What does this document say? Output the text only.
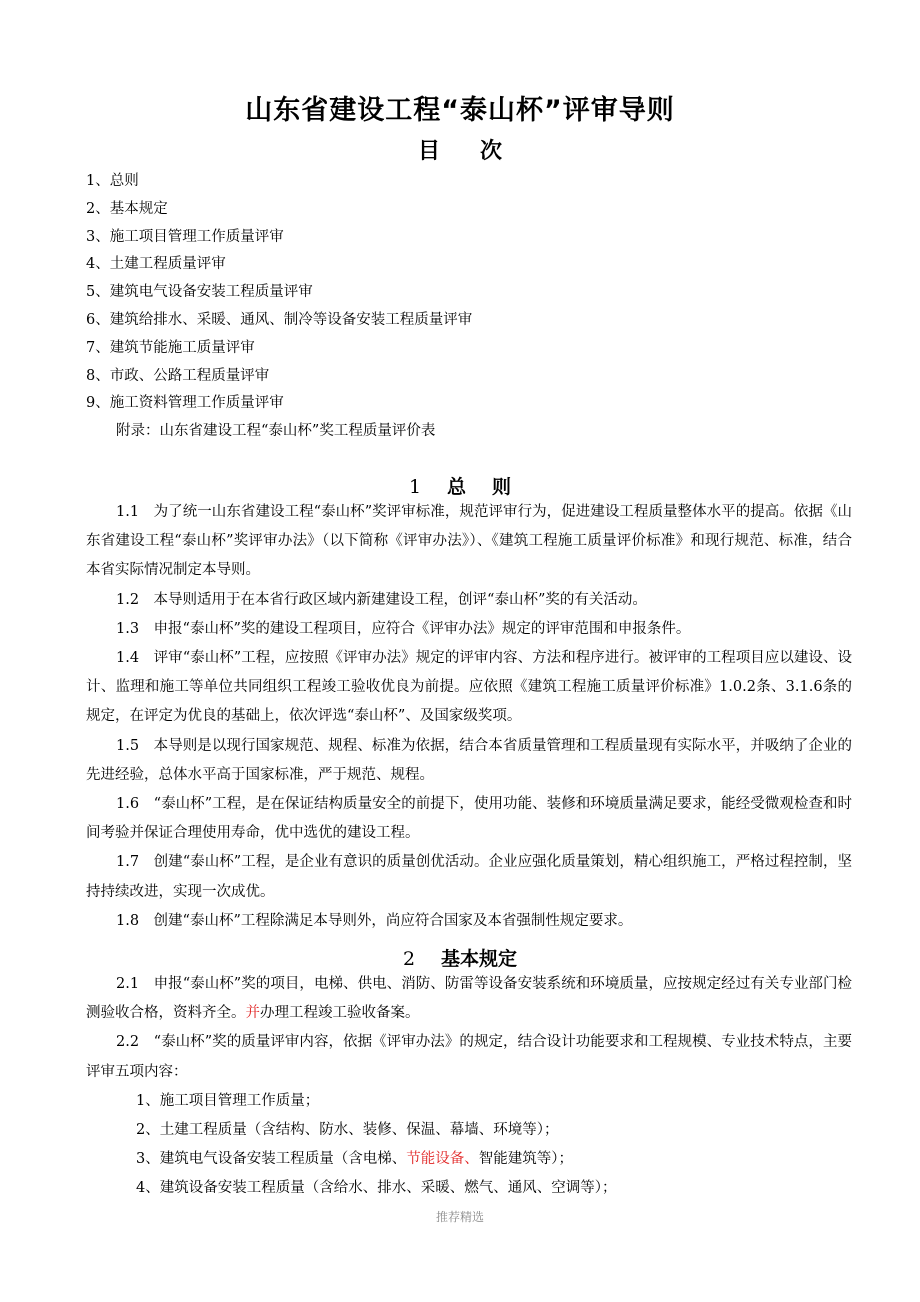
山东省建设工程“泰山杯”评审导则
目 次
1、总则
2、基本规定
3、施工项目管理工作质量评审
4、土建工程质量评审
5、建筑电气设备安装工程质量评审
6、建筑给排水、采暖、通风、制冷等设备安装工程质量评审
7、建筑节能施工质量评审
8、市政、公路工程质量评审
9、施工资料管理工作质量评审
附录：山东省建设工程“泰山杯”奖工程质量评价表
1 总 则
1.1　为了统一山东省建设工程“泰山杯”奖评审标准，规范评审行为，促进建设工程质量整体水平的提高。依据《山东省建设工程“泰山杯”奖评审办法》（以下简称《评审办法》）、《建筑工程施工质量评价标准》和现行规范、标准，结合本省实际情况制定本导则。
1.2　本导则适用于在本省行政区域内新建建设工程，创评“泰山杯”奖的有关活动。
1.3　申报“泰山杯”奖的建设工程项目，应符合《评审办法》规定的评审范围和申报条件。
1.4　评审“泰山杯”工程，应按照《评审办法》规定的评审内容、方法和程序进行。被评审的工程项目应以建设、设计、监理和施工等单位共同组织工程竣工验收优良为前提。应依照《建筑工程施工质量评价标准》1.0.2条、3.1.6条的规定，在评定为优良的基础上，依次评选“泰山杯”、及国家级奖项。
1.5　本导则是以现行国家规范、规程、标准为依据，结合本省质量管理和工程质量现有实际水平，并吸纳了企业的先进经验，总体水平高于国家标准，严于规范、规程。
1.6　“泰山杯”工程，是在保证结构质量安全的前提下，使用功能、装修和环境质量满足要求，能经受微观检查和时间考验并保证合理使用寿命，优中选优的建设工程。
1.7　创建“泰山杯”工程，是企业有意识的质量创优活动。企业应强化质量策划，精心组织施工，严格过程控制，坚持持续改进，实现一次成优。
1.8　创建“泰山杯”工程除满足本导则外，尚应符合国家及本省强制性规定要求。
2 基本规定
2.1　申报“泰山杯”奖的项目，电梯、供电、消防、防雷等设备安装系统和环境质量，应按规定经过有关专业部门检测验收合格，资料齐全。并办理工程竣工验收备案。
2.2　“泰山杯”奖的质量评审内容，依据《评审办法》的规定，结合设计功能要求和工程规模、专业技术特点，主要评审五项内容：
1、施工项目管理工作质量；
2、土建工程质量（含结构、防水、装修、保温、幕墙、环境等）；
3、建筑电气设备安装工程质量（含电梯、节能设备、智能建筑等）；
4、建筑设备安装工程质量（含给水、排水、采暖、燃气、通风、空调等）；
推荐精选
